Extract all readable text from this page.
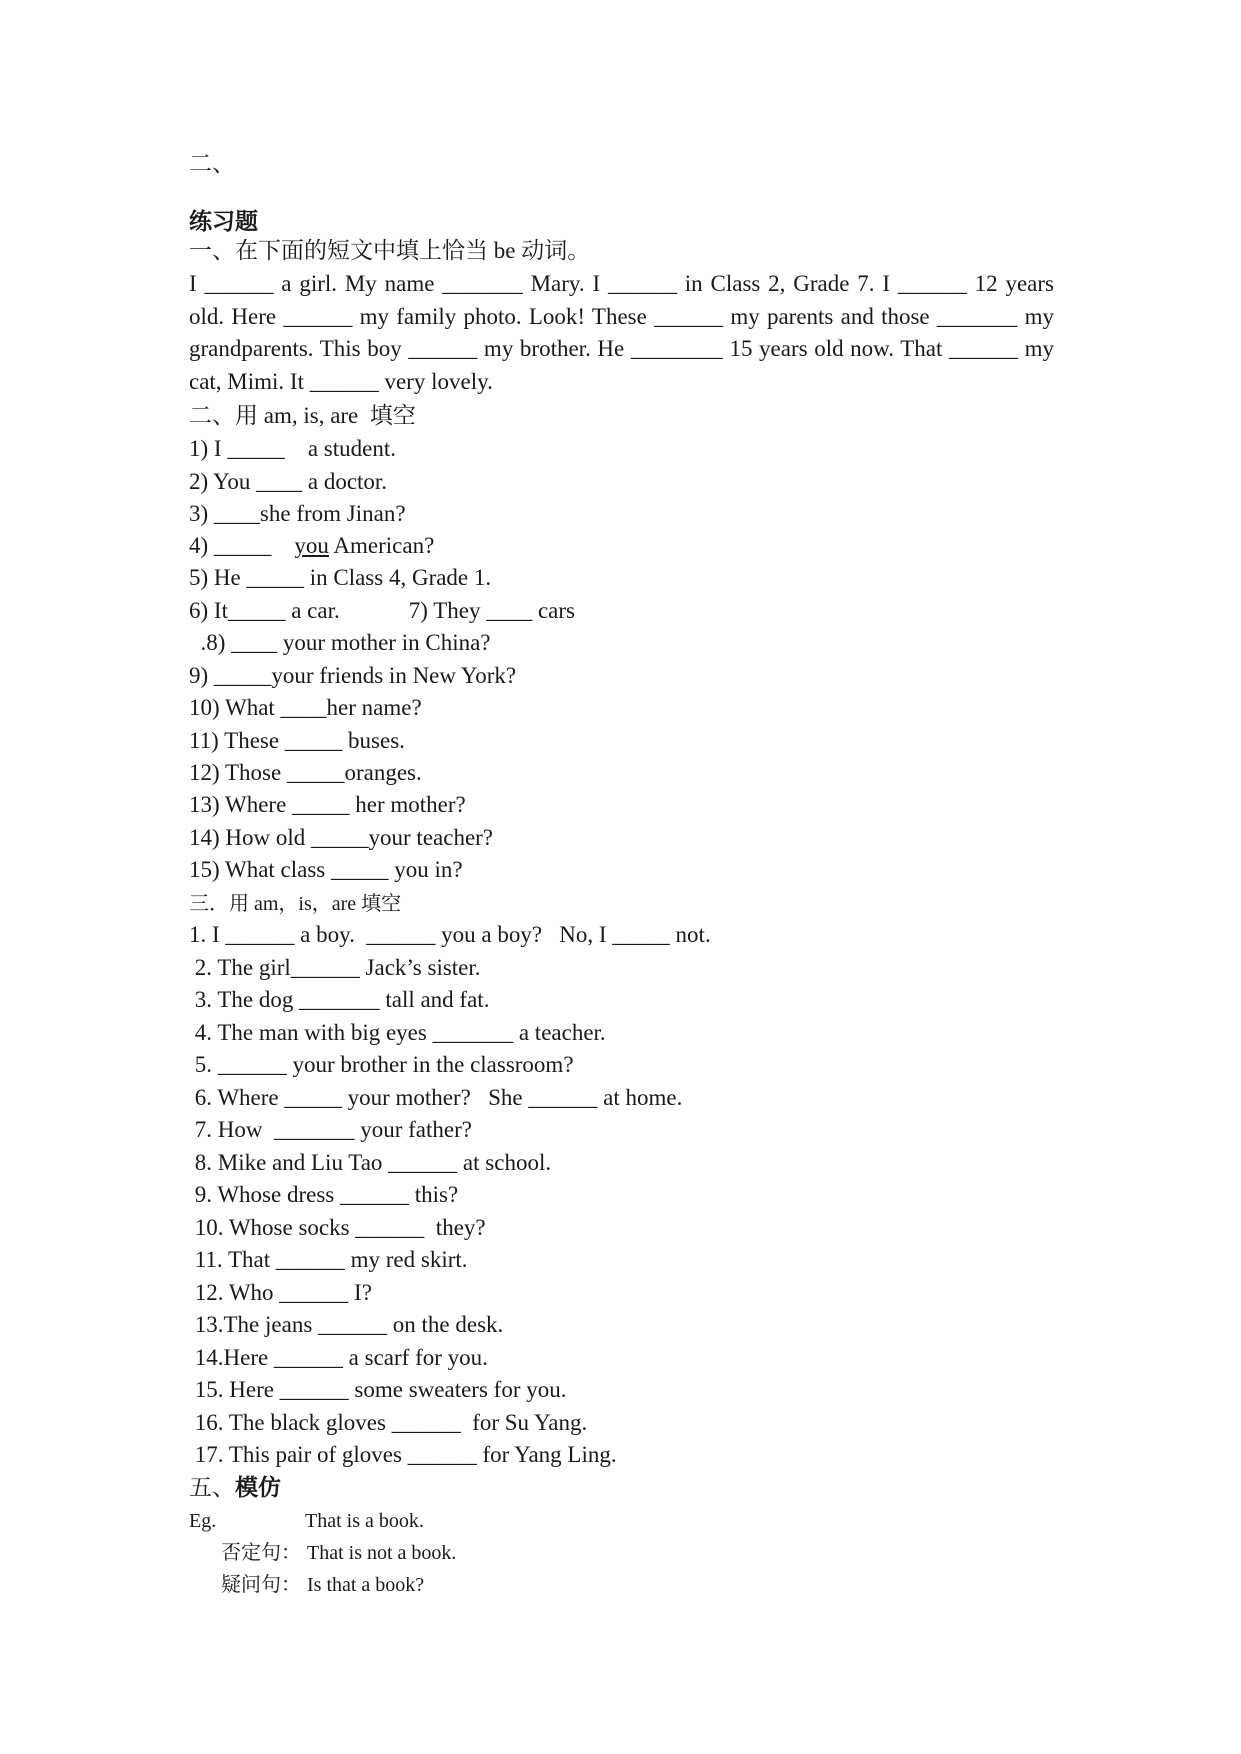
二、
练习题
一、在下面的短文中填上恰当 be 动词。

I ______ a girl. My name _______ Mary. I ______ in Class 2, Grade 7. I ______ 12 years old. Here ______ my family photo. Look! These ______ my parents and those _______ my grandparents. This boy ______ my brother. He ________ 15 years old now. That ______ my cat, Mimi. It ______ very lovely.

二、用 am, is, are  填空
1) I _____    a student.
2) You ____ a doctor.
3) ____she from Jinan?
4) _____    you American?
5) He _____ in Class 4, Grade 1.
6) It_____ a car.            7) They ____ cars
.8) ____ your mother in China?
9) _____your friends in New York?
10) What ____her name?
11) These _____ buses.
12) Those _____oranges.
13) Where _____ her mother?
14) How old _____your teacher?
15) What class _____ you in?
三．用 am，is，are 填空
1. I ______ a boy.  ______ you a boy?   No, I _____ not.
2. The girl______ Jack’s sister.
3. The dog _______ tall and fat.
4. The man with big eyes _______ a teacher.
5. ______ your brother in the classroom?
6. Where _____ your mother?   She ______ at home.
7. How  _______ your father?
8. Mike and Liu Tao ______ at school.
9. Whose dress ______ this?
10. Whose socks ______  they?
11. That ______ my red skirt.
12. Who ______ I?
13.The jeans ______ on the desk.
14.Here ______ a scarf for you.
15. Here ______ some sweaters for you.
16. The black gloves ______  for Su Yang.
17. This pair of gloves ______ for Yang Ling.
五、模仿
Eg.	That is a book.
否定句： That is not a book.
疑问句： Is that a book?
